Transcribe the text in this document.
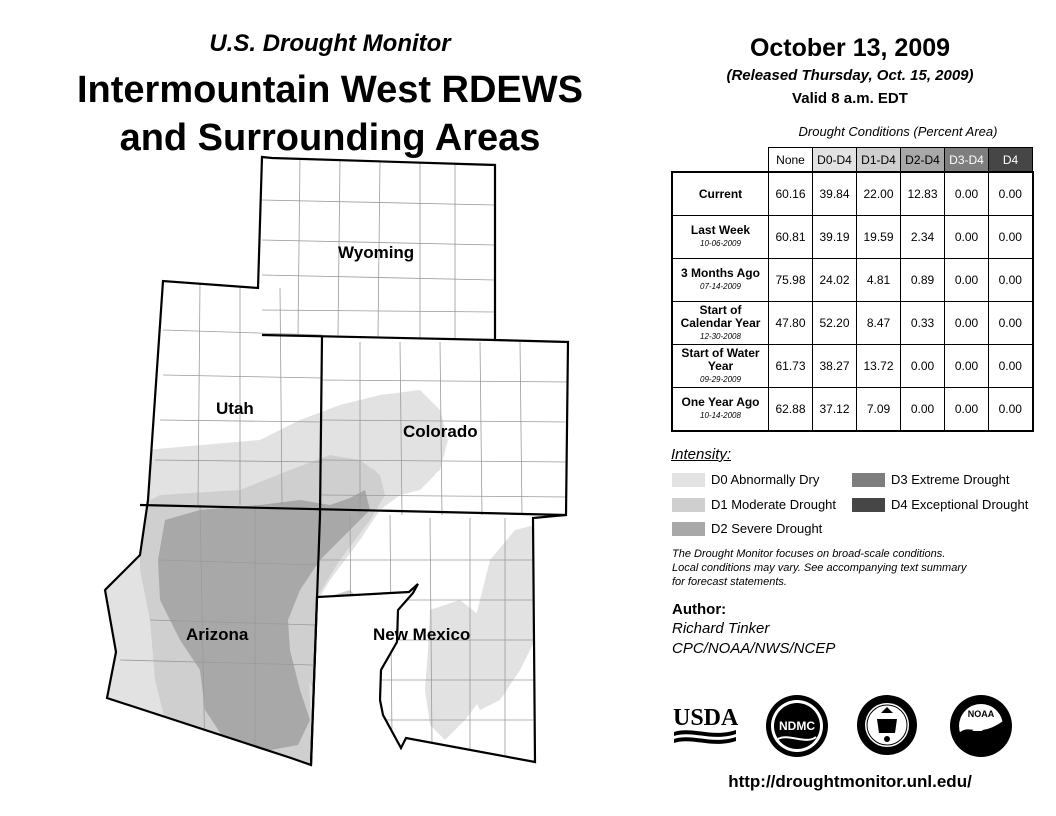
Wyoming
Utah
Colorado
Arizona	New Mexico
U.S. Drought Monitor
Intermountain West RDEWS
and Surrounding Areas
October 13, 2009
(Released Thursday, Oct. 15, 2009)
Valid 8 a.m. EDT
Drought Conditions (Percent Area)
	None	D0-D4	D1-D4	D2-D4	D3-D4	D4
Current	60.16	39.84	22.00	12.83	0.00	0.00
Last Week
10-06-2009	60.81	39.19	19.59	2.34	0.00	0.00
3 Months Ago
07-14-2009	75.98	24.02	4.81	0.89	0.00	0.00
Start of Calendar Year
12-30-2008	47.80	52.20	8.47	0.33	0.00	0.00
Start of Water Year
09-29-2009	61.73	38.27	13.72	0.00	0.00	0.00
One Year Ago
10-14-2008	62.88	37.12	7.09	0.00	0.00	0.00
Intensity:
D0 Abnormally Dry
D1 Moderate Drought
D2 Severe Drought
D3 Extreme Drought
D4 Exceptional Drought
The Drought Monitor focuses on broad-scale conditions.
Local conditions may vary. See accompanying text summary
for forecast statements.
Author:
Richard Tinker
CPC/NOAA/NWS/NCEP
USDA	NDMC
NOAA
http://droughtmonitor.unl.edu/
